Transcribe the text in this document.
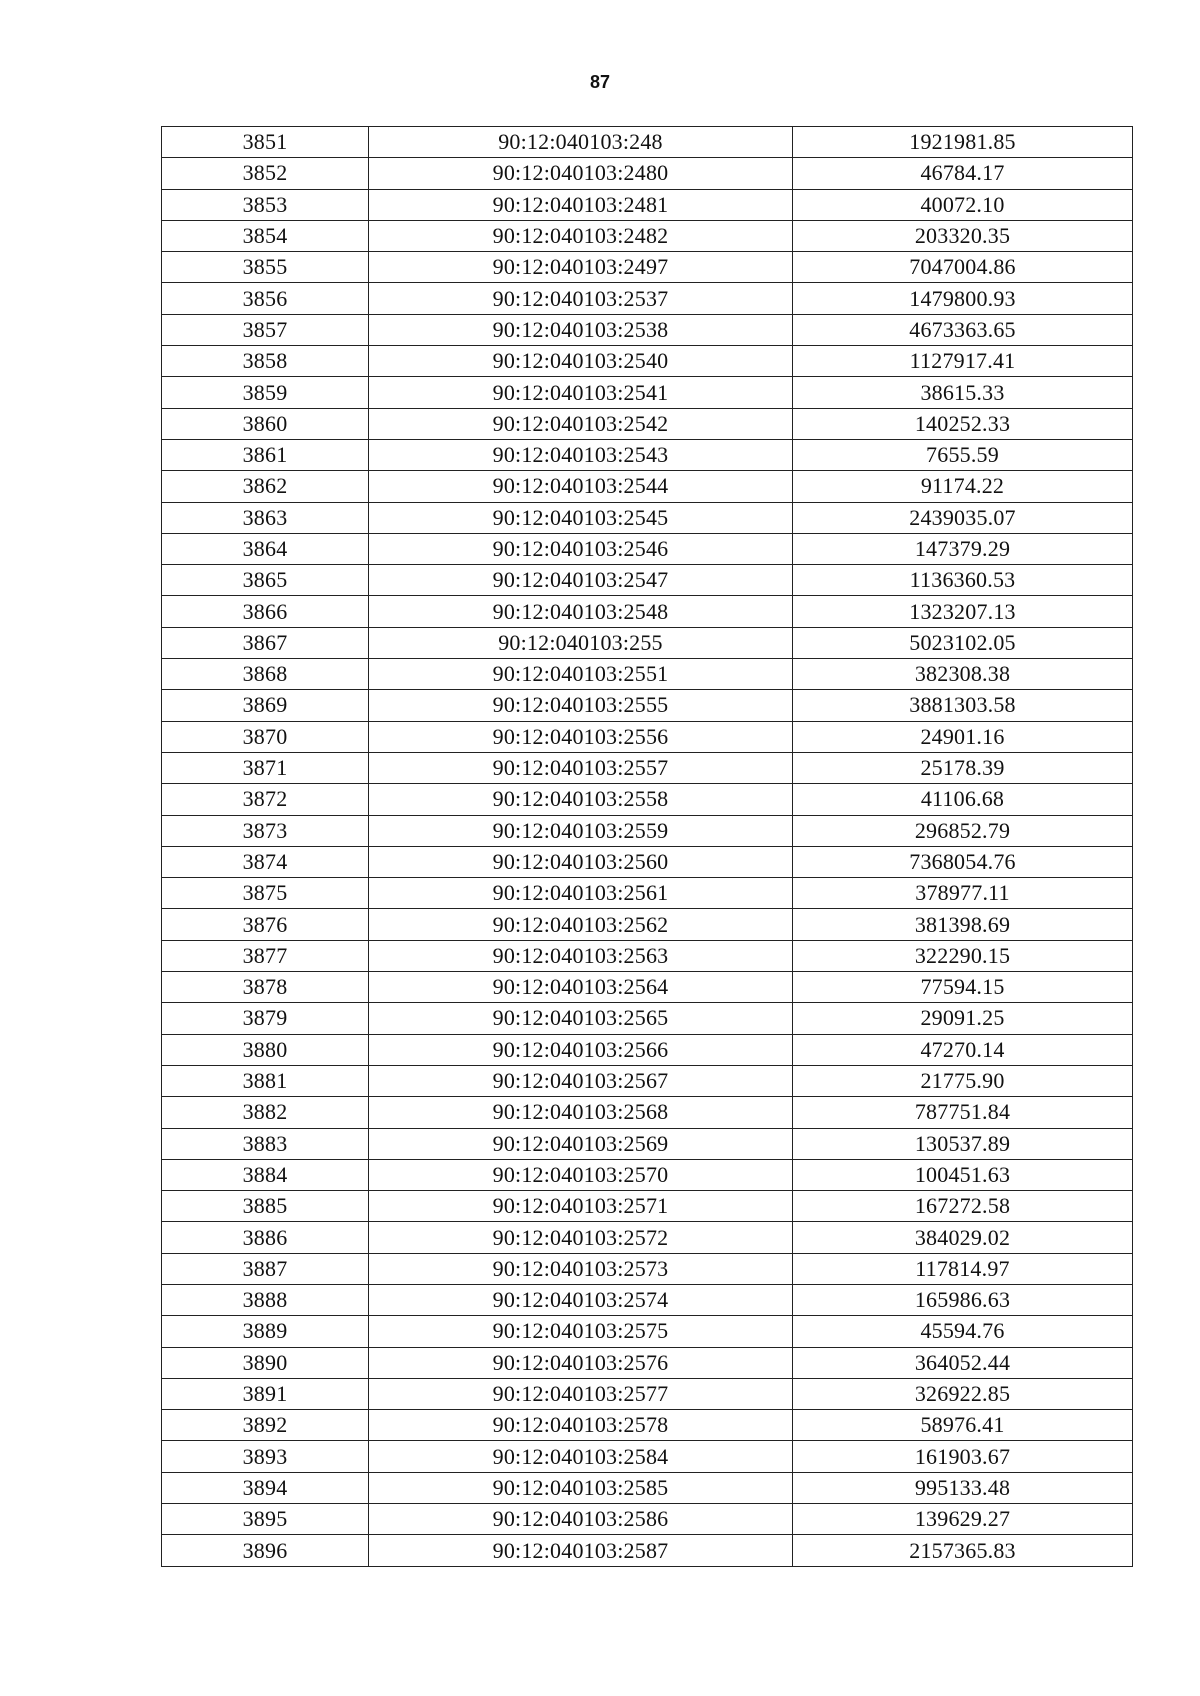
87
3851	90:12:040103:248	1921981.85
3852	90:12:040103:2480	46784.17
3853	90:12:040103:2481	40072.10
3854	90:12:040103:2482	203320.35
3855	90:12:040103:2497	7047004.86
3856	90:12:040103:2537	1479800.93
3857	90:12:040103:2538	4673363.65
3858	90:12:040103:2540	1127917.41
3859	90:12:040103:2541	38615.33
3860	90:12:040103:2542	140252.33
3861	90:12:040103:2543	7655.59
3862	90:12:040103:2544	91174.22
3863	90:12:040103:2545	2439035.07
3864	90:12:040103:2546	147379.29
3865	90:12:040103:2547	1136360.53
3866	90:12:040103:2548	1323207.13
3867	90:12:040103:255	5023102.05
3868	90:12:040103:2551	382308.38
3869	90:12:040103:2555	3881303.58
3870	90:12:040103:2556	24901.16
3871	90:12:040103:2557	25178.39
3872	90:12:040103:2558	41106.68
3873	90:12:040103:2559	296852.79
3874	90:12:040103:2560	7368054.76
3875	90:12:040103:2561	378977.11
3876	90:12:040103:2562	381398.69
3877	90:12:040103:2563	322290.15
3878	90:12:040103:2564	77594.15
3879	90:12:040103:2565	29091.25
3880	90:12:040103:2566	47270.14
3881	90:12:040103:2567	21775.90
3882	90:12:040103:2568	787751.84
3883	90:12:040103:2569	130537.89
3884	90:12:040103:2570	100451.63
3885	90:12:040103:2571	167272.58
3886	90:12:040103:2572	384029.02
3887	90:12:040103:2573	117814.97
3888	90:12:040103:2574	165986.63
3889	90:12:040103:2575	45594.76
3890	90:12:040103:2576	364052.44
3891	90:12:040103:2577	326922.85
3892	90:12:040103:2578	58976.41
3893	90:12:040103:2584	161903.67
3894	90:12:040103:2585	995133.48
3895	90:12:040103:2586	139629.27
3896	90:12:040103:2587	2157365.83
